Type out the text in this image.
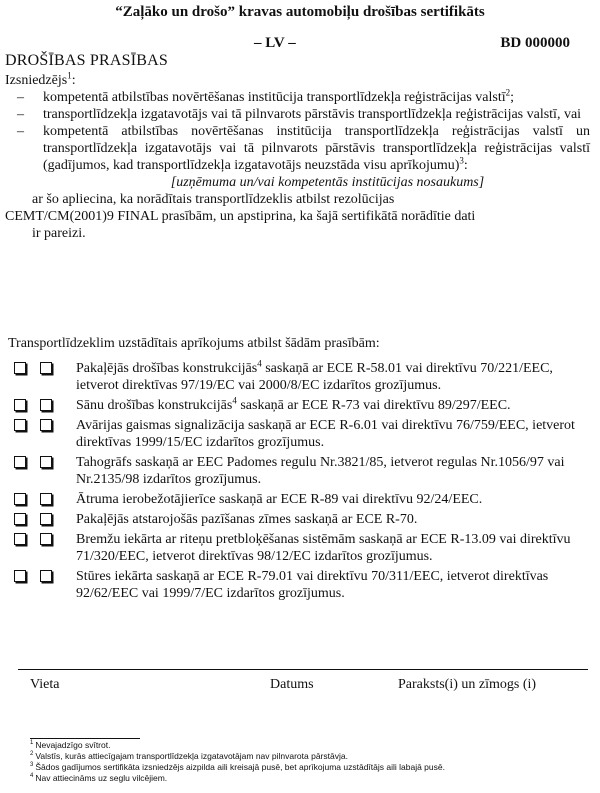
“Zaļāko un drošo” kravas automobiļu drošības sertifikāts
– LV –	BD 000000
DROŠĪBAS PRASĪBAS

Izsniedzējs$^1$:

– kompetentā atbilstības novērtēšanas institūcija transportlīdzekļa reģistrācijas valstī$^2$;
– transportlīdzekļa izgatavotājs vai tā pilnvarots pārstāvis transportlīdzekļa reģistrācijas valstī, vai
– kompetentā atbilstības novērtēšanas institūcija transportlīdzekļa reģistrācijas valstī un transportlīdzekļa izgatavotājs vai tā pilnvarots pārstāvis transportlīdzekļa reģistrācijas valstī (gadījumos, kad transportlīdzekļa izgatavotājs neuzstāda visu aprīkojumu)$^3$:
[uzņēmuma un/vai kompetentās institūcijas nosaukums]

ar šo apliecina, ka norādītais transportlīdzeklis atbilst rezolūcijas

CEMT/CM(2001)9 FINAL prasībām, un apstiprina, ka šajā sertifikātā norādītie dati

ir pareizi.

Transportlīdzeklim uzstādītais aprīkojums atbilst šādām prasībām:
Pakaļējās drošības konstrukcijās$^4$ saskaņā ar ECE R-58.01 vai direktīvu 70/221/EEC, ietverot direktīvas 97/19/EC vai 2000/8/EC izdarītos grozījumus.
Sānu drošības konstrukcijās$^4$ saskaņā ar ECE R-73 vai direktīvu 89/297/EEC.
Avārijas gaismas signalizācija saskaņā ar ECE R-6.01 vai direktīvu 76/759/EEC, ietverot direktīvas 1999/15/EC izdarītos grozījumus.
Tahogrāfs saskaņā ar EEC Padomes regulu Nr.3821/85, ietverot regulas Nr.1056/97 vai Nr.2135/98 izdarītos grozījumus.
Ātruma ierobežotājierīce saskaņā ar ECE R-89 vai direktīvu 92/24/EEC.
Pakaļējās atstarojošās pazīšanas zīmes saskaņā ar ECE R-70.
Bremžu iekārta ar riteņu pretbloķēšanas sistēmām saskaņā ar ECE R-13.09 vai direktīvu 71/320/EEC, ietverot direktīvas 98/12/EC izdarītos grozījumus.
Stūres iekārta saskaņā ar ECE R-79.01 vai direktīvu 70/311/EEC, ietverot direktīvas 92/62/EEC vai 1999/7/EC izdarītos grozījumus.
Vieta	Datums	Paraksts(i) un zīmogs (i)
$^1$ Nevajadzīgo svītrot.
$^2$ Valstīs, kurās attiecīgajam transportlīdzekļa izgatavotājam nav pilnvarota pārstāvja.
$^3$ Šādos gadījumos sertifikāta izsniedzējs aizpilda aili kreisajā pusē, bet aprīkojuma uzstādītājs aili labajā pusē.
$^4$ Nav attiecināms uz seglu vilcējiem.
